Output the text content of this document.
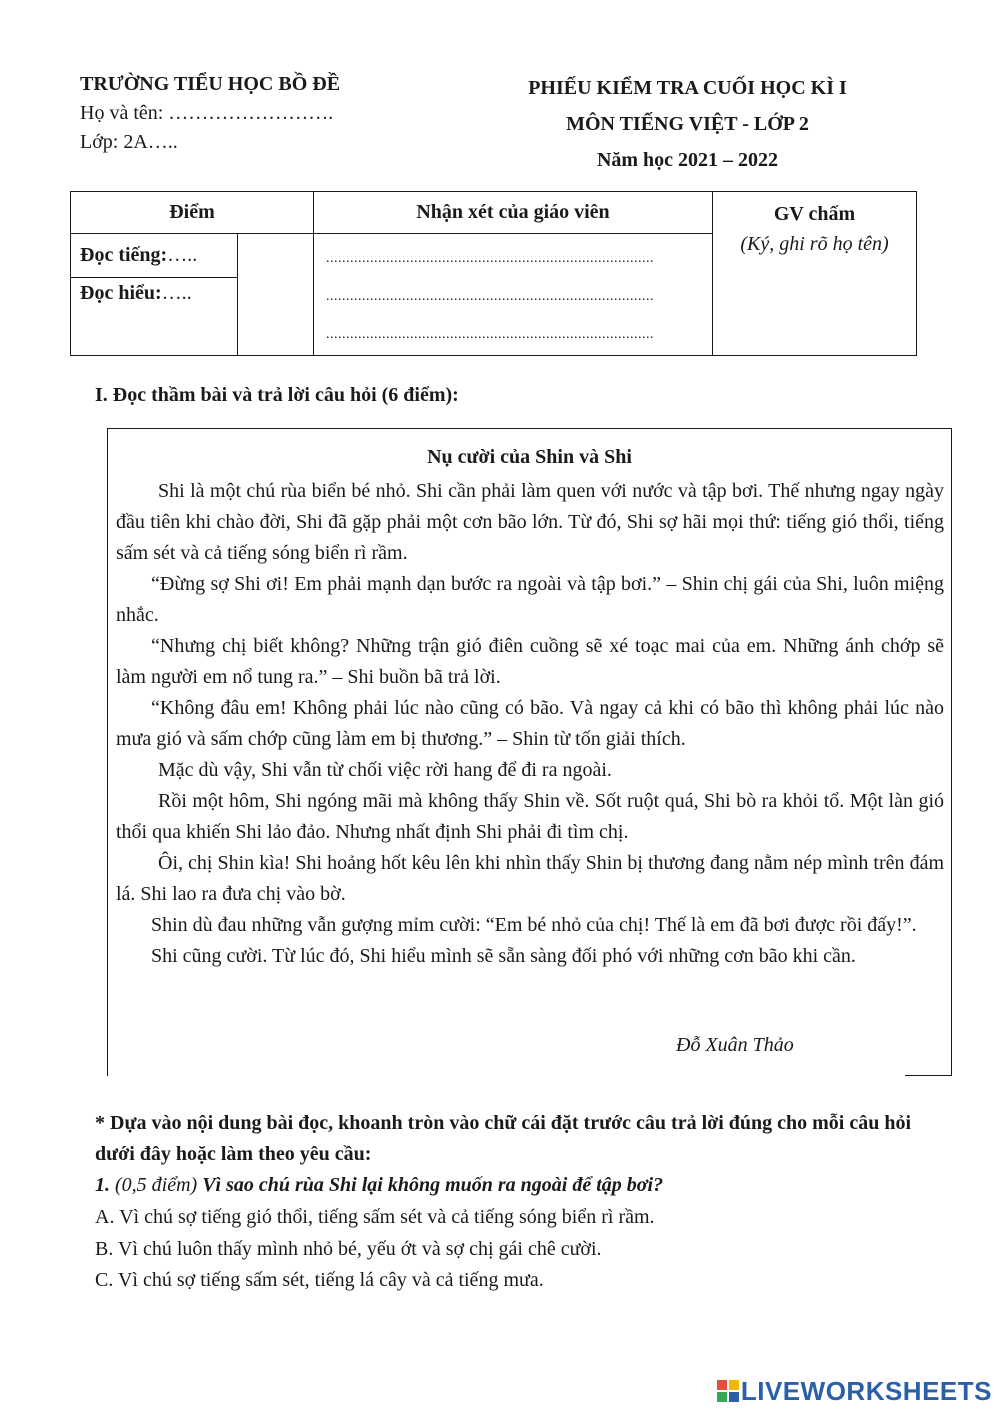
TRƯỜNG TIỂU HỌC BỒ ĐỀ
Họ và tên: …………………….
Lớp: 2A…..
PHIẾU KIỂM TRA CUỐI HỌC KÌ I
MÔN TIẾNG VIỆT - LỚP 2
Năm học 2021 – 2022
Điểm		Nhận xét của giáo viên	GV chấm
(Ký, ghi rõ họ tên)

Đọc tiếng:…..		..................................................................................
..................................................................................
..................................................................................	

Đọc hiểu:…..			
I. Đọc thầm bài và trả lời câu hỏi (6 điểm):
Nụ cười của Shin và Shi

Shi là một chú rùa biển bé nhỏ. Shi cần phải làm quen với nước và tập bơi. Thế nhưng ngay ngày đầu tiên khi chào đời, Shi đã gặp phải một cơn bão lớn. Từ đó, Shi sợ hãi mọi thứ: tiếng gió thổi, tiếng sấm sét và cả tiếng sóng biển rì rầm.

“Đừng sợ Shi ơi! Em phải mạnh dạn bước ra ngoài và tập bơi.” – Shin chị gái của Shi, luôn miệng nhắc.

“Nhưng chị biết không? Những trận gió điên cuồng sẽ xé toạc mai của em. Những ánh chớp sẽ làm người em nổ tung ra.” – Shi buồn bã trả lời.

“Không đâu em! Không phải lúc nào cũng có bão. Và ngay cả khi có bão thì không phải lúc nào mưa gió và sấm chớp cũng làm em bị thương.” – Shin từ tốn giải thích.

Mặc dù vậy, Shi vẫn từ chối việc rời hang để đi ra ngoài.

Rồi một hôm, Shi ngóng mãi mà không thấy Shin về. Sốt ruột quá, Shi bò ra khỏi tổ. Một làn gió thổi qua khiến Shi lảo đảo. Nhưng nhất định Shi phải đi tìm chị.

Ôi, chị Shin kìa! Shi hoảng hốt kêu lên khi nhìn thấy Shin bị thương đang nằm nép mình trên đám lá. Shi lao ra đưa chị vào bờ.

Shin dù đau những vẫn gượng mỉm cười: “Em bé nhỏ của chị! Thế là em đã bơi được rồi đấy!”.

Shi cũng cười. Từ lúc đó, Shi hiểu mình sẽ sẵn sàng đối phó với những cơn bão khi cần.

Đỗ Xuân Thảo
* Dựa vào nội dung bài đọc, khoanh tròn vào chữ cái đặt trước câu trả lời đúng cho mỗi câu hỏi dưới đây hoặc làm theo yêu cầu:
1. (0,5 điểm) Vì sao chú rùa Shi lại không muốn ra ngoài để tập bơi?
A. Vì chú sợ tiếng gió thổi, tiếng sấm sét và cả tiếng sóng biển rì rầm.
B. Vì chú luôn thấy mình nhỏ bé, yếu ớt và sợ chị gái chê cười.
C. Vì chú sợ tiếng sấm sét, tiếng lá cây và cả tiếng mưa.
LIVEWORKSHEETS
